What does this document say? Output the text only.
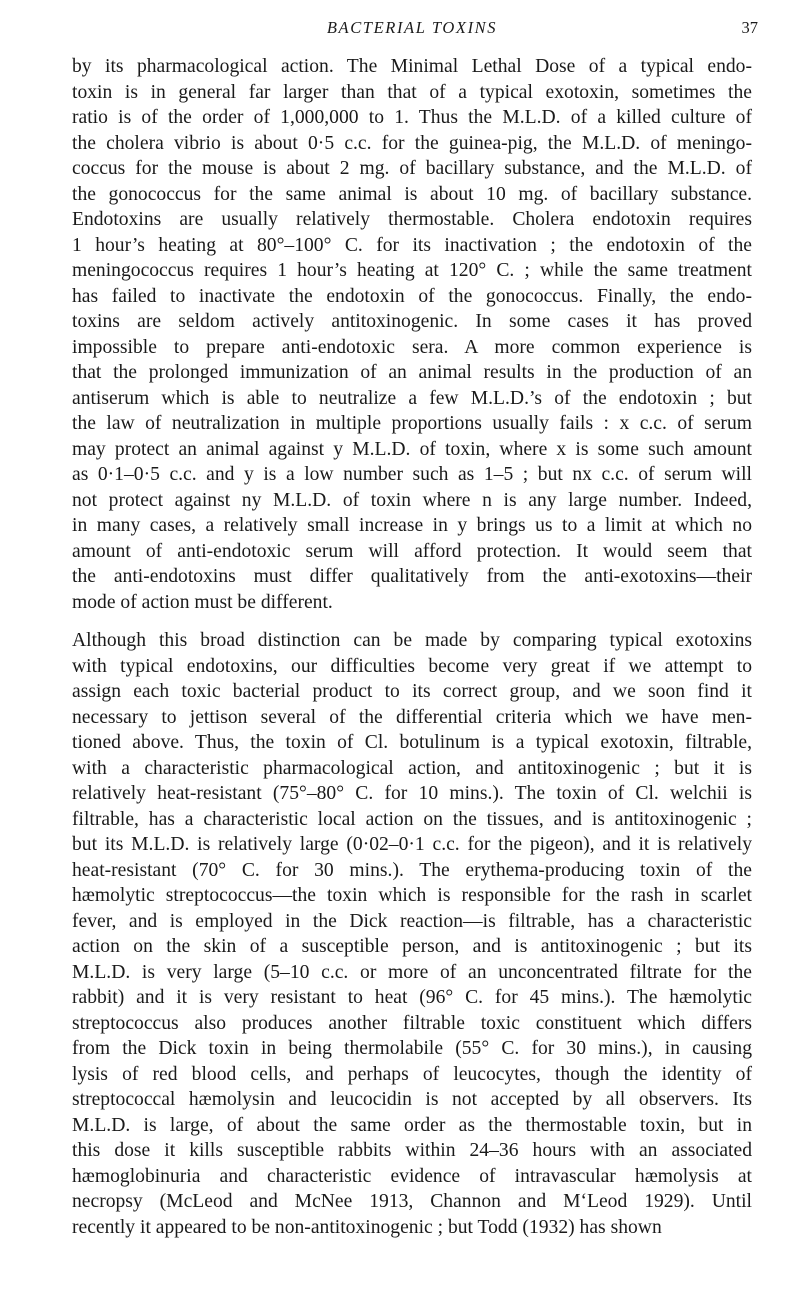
BACTERIAL TOXINS	37

by its pharmacological action. The Minimal Lethal Dose of a typical endo-
toxin is in general far larger than that of a typical exotoxin, sometimes the
ratio is of the order of 1,000,000 to 1. Thus the M.L.D. of a killed culture of
the cholera vibrio is about 0·5 c.c. for the guinea-pig, the M.L.D. of meningo-
coccus for the mouse is about 2 mg. of bacillary substance, and the M.L.D. of
the gonococcus for the same animal is about 10 mg. of bacillary substance.
Endotoxins are usually relatively thermostable. Cholera endotoxin requires
1 hour’s heating at 80°–100° C. for its inactivation ; the endotoxin of the
meningococcus requires 1 hour’s heating at 120° C. ; while the same treatment
has failed to inactivate the endotoxin of the gonococcus. Finally, the endo-
toxins are seldom actively antitoxinogenic. In some cases it has proved
impossible to prepare anti-endotoxic sera. A more common experience is
that the prolonged immunization of an animal results in the production of an
antiserum which is able to neutralize a few M.L.D.’s of the endotoxin ; but
the law of neutralization in multiple proportions usually fails : x c.c. of serum
may protect an animal against y M.L.D. of toxin, where x is some such amount
as 0·1–0·5 c.c. and y is a low number such as 1–5 ; but nx c.c. of serum will
not protect against ny M.L.D. of toxin where n is any large number. Indeed,
in many cases, a relatively small increase in y brings us to a limit at which no
amount of anti-endotoxic serum will afford protection. It would seem that
the anti-endotoxins must differ qualitatively from the anti-exotoxins—their
mode of action must be different.

Although this broad distinction can be made by comparing typical exotoxins
with typical endotoxins, our difficulties become very great if we attempt to
assign each toxic bacterial product to its correct group, and we soon find it
necessary to jettison several of the differential criteria which we have men-
tioned above. Thus, the toxin of Cl. botulinum is a typical exotoxin, filtrable,
with a characteristic pharmacological action, and antitoxinogenic ; but it is
relatively heat-resistant (75°–80° C. for 10 mins.). The toxin of Cl. welchii is
filtrable, has a characteristic local action on the tissues, and is antitoxinogenic ;
but its M.L.D. is relatively large (0·02–0·1 c.c. for the pigeon), and it is relatively
heat-resistant (70° C. for 30 mins.). The erythema-producing toxin of the
hæmolytic streptococcus—the toxin which is responsible for the rash in scarlet
fever, and is employed in the Dick reaction—is filtrable, has a characteristic
action on the skin of a susceptible person, and is antitoxinogenic ; but its
M.L.D. is very large (5–10 c.c. or more of an unconcentrated filtrate for the
rabbit) and it is very resistant to heat (96° C. for 45 mins.). The hæmolytic
streptococcus also produces another filtrable toxic constituent which differs
from the Dick toxin in being thermolabile (55° C. for 30 mins.), in causing
lysis of red blood cells, and perhaps of leucocytes, though the identity of
streptococcal hæmolysin and leucocidin is not accepted by all observers. Its
M.L.D. is large, of about the same order as the thermostable toxin, but in
this dose it kills susceptible rabbits within 24–36 hours with an associated
hæmoglobinuria and characteristic evidence of intravascular hæmolysis at
necropsy (McLeod and McNee 1913, Channon and M‘Leod 1929). Until
recently it appeared to be non-antitoxinogenic ; but Todd (1932) has shown
